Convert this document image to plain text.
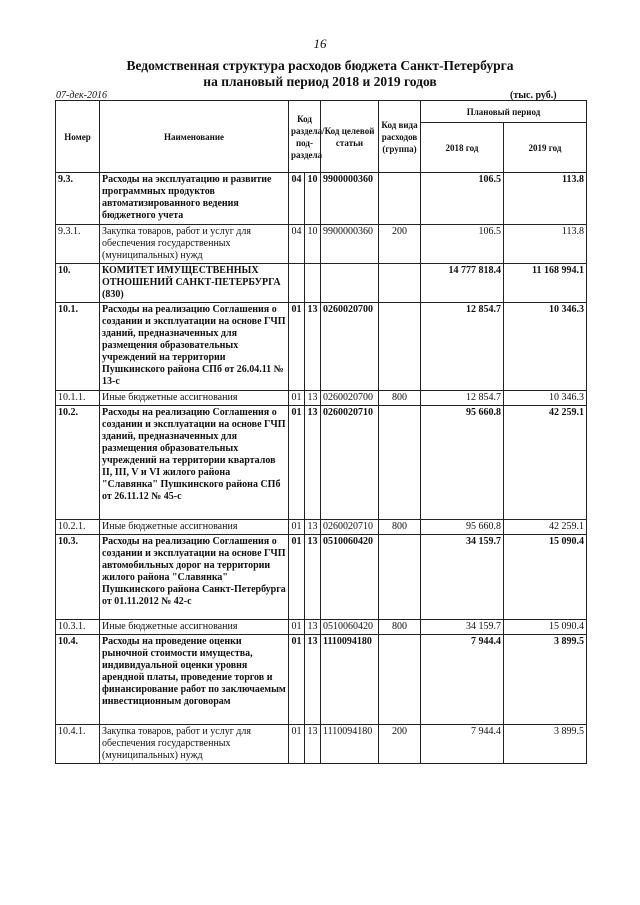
16
Ведомственная структура расходов бюджета Санкт-Петербурга
на плановый период 2018 и 2019 годов
07-дек-2016	(тыс. руб.)
Номер	Наименование	Код раздела/ под- раздела		Код целевой статьи	Код вида расходов (группа)	Плановый период	
						2018 год	2019 год
9.3.	Расходы на эксплуатацию и развитие программных продуктов автоматизированного ведения бюджетного учета	04	10	9900000360		106.5	113.8
9.3.1.	Закупка товаров, работ и услуг для обеспечения государственных (муниципальных) нужд	04	10	9900000360	200	106.5	113.8
10.	КОМИТЕТ ИМУЩЕСТВЕННЫХ ОТНОШЕНИЙ САНКТ-ПЕТЕРБУРГА (830)					14 777 818.4	11 168 994.1
10.1.	Расходы на реализацию Соглашения о создании и эксплуатации на основе ГЧП зданий, предназначенных для размещения образовательных учреждений на территории Пушкинского района СПб от 26.04.11 № 13-с	01	13	0260020700		12 854.7	10 346.3
10.1.1.	Иные бюджетные ассигнования	01	13	0260020700	800	12 854.7	10 346.3
10.2.	Расходы на реализацию Соглашения о создании и эксплуатации на основе ГЧП зданий, предназначенных для размещения образовательных учреждений на территории кварталов II, III, V и VI жилого района "Славянка" Пушкинского района СПб от 26.11.12 № 45-с	01	13	0260020710		95 660.8	42 259.1
10.2.1.	Иные бюджетные ассигнования	01	13	0260020710	800	95 660.8	42 259.1
10.3.	Расходы на реализацию Соглашения о создании и эксплуатации на основе ГЧП автомобильных дорог на территории жилого района "Славянка" Пушкинского района Санкт-Петербурга от 01.11.2012 № 42-с	01	13	0510060420		34 159.7	15 090.4
10.3.1.	Иные бюджетные ассигнования	01	13	0510060420	800	34 159.7	15 090.4
10.4.	Расходы на проведение оценки рыночной стоимости имущества, индивидуальной оценки уровня арендной платы, проведение торгов и финансирование работ по заключаемым инвестиционным договорам	01	13	1110094180		7 944.4	3 899.5
10.4.1.	Закупка товаров, работ и услуг для обеспечения государственных (муниципальных) нужд	01	13	1110094180	200	7 944.4	3 899.5
